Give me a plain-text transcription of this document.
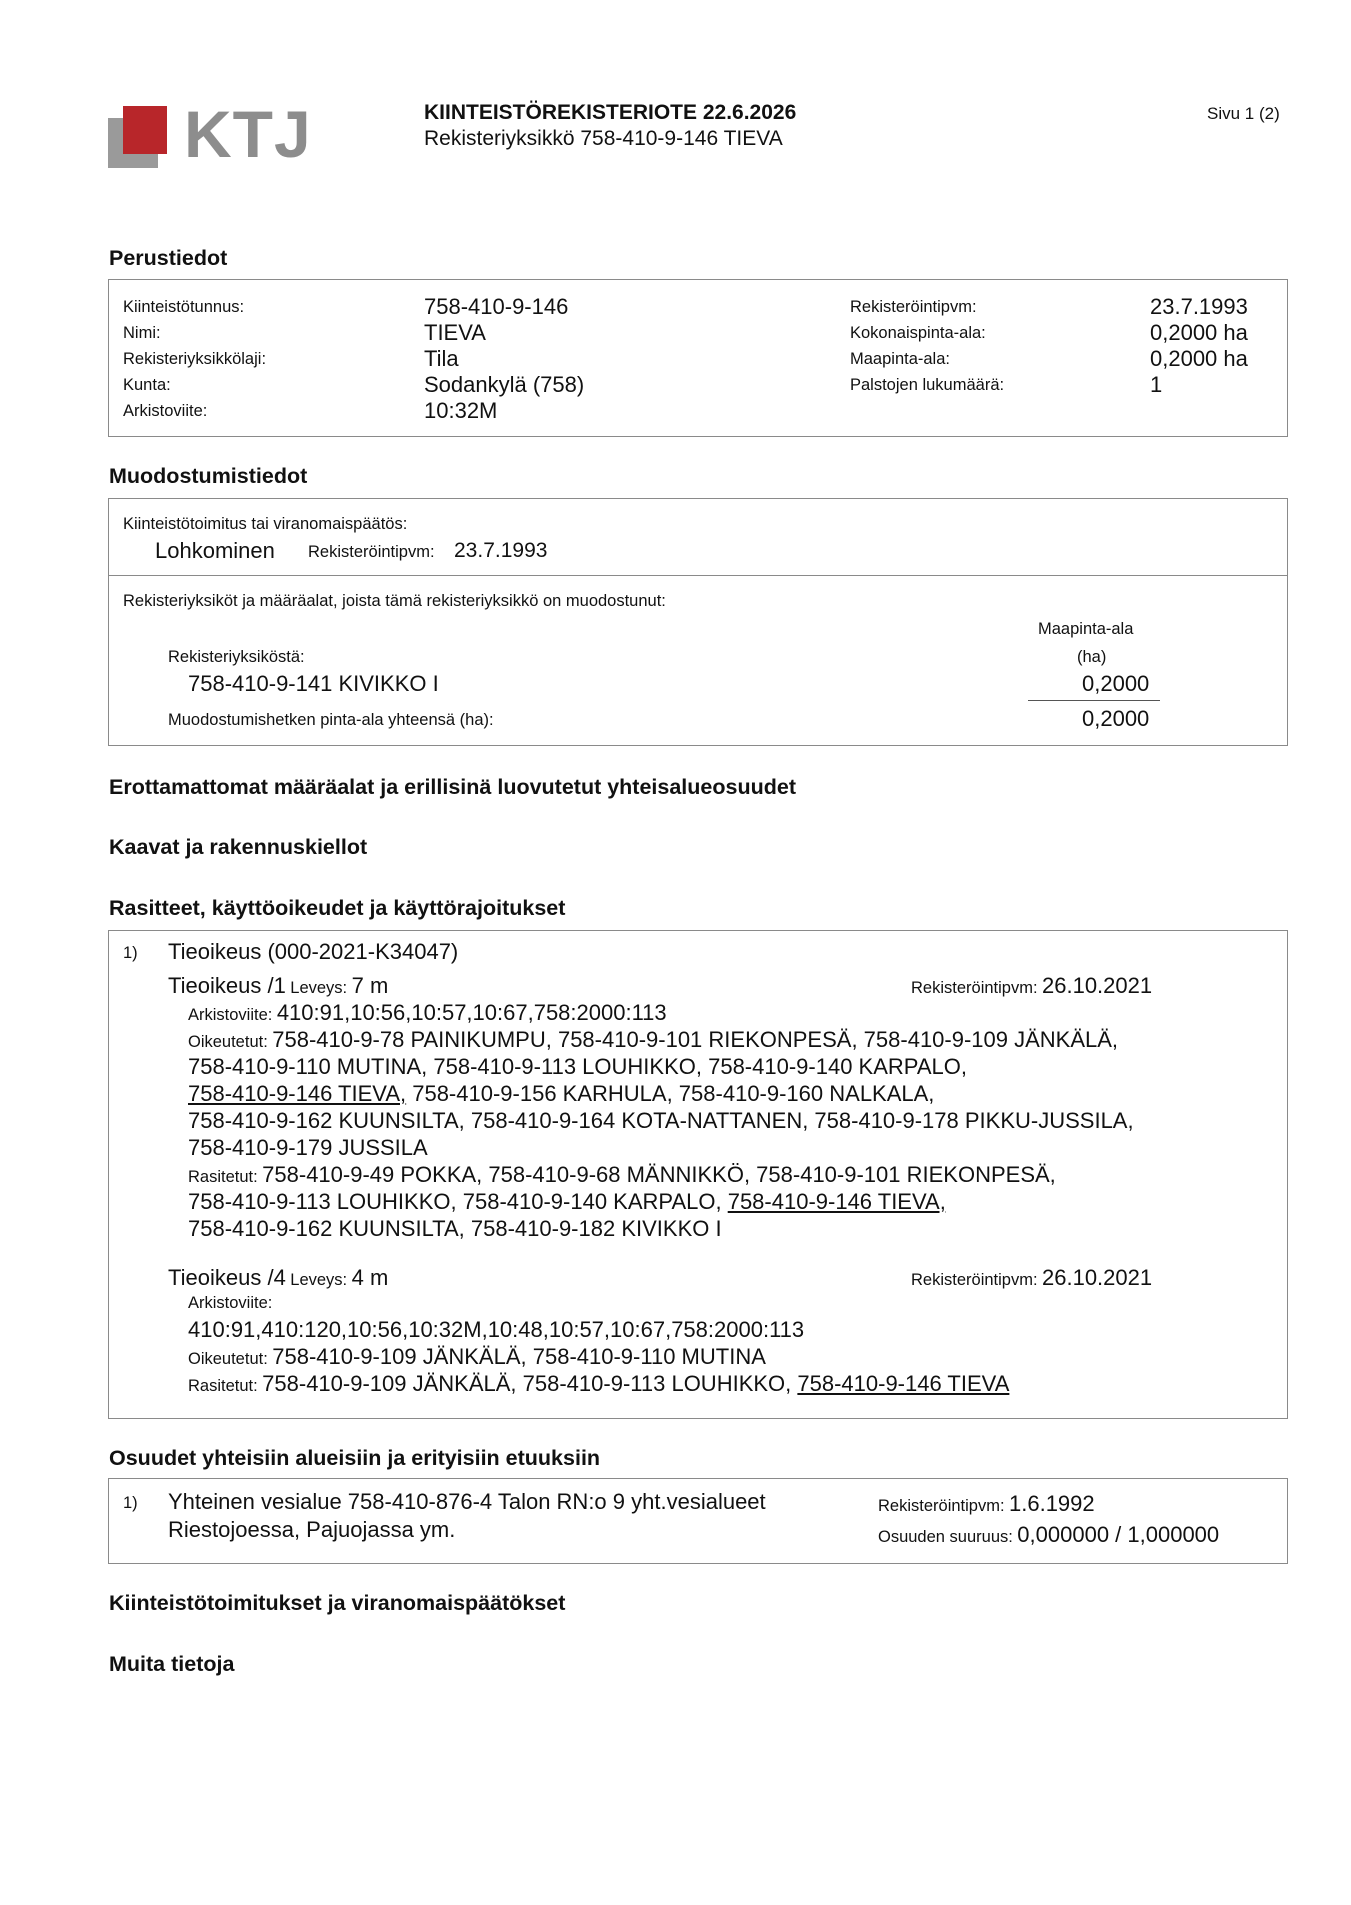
KTJ	KIINTEISTÖREKISTERIOTE 22.6.2026
Rekisteriyksikkö 758-410-9-146 TIEVA
Sivu 1 (2)
Perustiedot
Kiinteistötunnus:	758-410-9-146
Nimi:	TIEVA
Rekisteriyksikkölaji:	Tila
Kunta:	Sodankylä (758)
Arkistoviite:	10:32M
Rekisteröintipvm:	23.7.1993
Kokonaispinta-ala:	0,2000 ha
Maapinta-ala:	0,2000 ha
Palstojen lukumäärä:	1
Muodostumistiedot
Kiinteistötoimitus tai viranomaispäätös:
Lohkominen Rekisteröintipvm: 23.7.1993
Rekisteriyksiköt ja määräalat, joista tämä rekisteriyksikkö on muodostunut:
Maapinta-ala
(ha)
Rekisteriyksiköstä:
758-410-9-141 KIVIKKO I	0,2000
Muodostumishetken pinta-ala yhteensä (ha):	0,2000
Erottamattomat määräalat ja erillisinä luovutetut yhteisalueosuudet
Kaavat ja rakennuskiellot
Rasitteet, käyttöoikeudet ja käyttörajoitukset
1) Tieoikeus (000-2021-K34047)
Tieoikeus /1 Leveys: 7 m	Rekisteröintipvm: 26.10.2021
Arkistoviite: 410:91,10:56,10:57,10:67,758:2000:113
Oikeutetut: 758-410-9-78 PAINIKUMPU, 758-410-9-101 RIEKONPESÄ, 758-410-9-109 JÄNKÄLÄ,
758-410-9-110 MUTINA, 758-410-9-113 LOUHIKKO, 758-410-9-140 KARPALO,
758-410-9-146 TIEVA, 758-410-9-156 KARHULA, 758-410-9-160 NALKALA,
758-410-9-162 KUUNSILTA, 758-410-9-164 KOTA-NATTANEN, 758-410-9-178 PIKKU-JUSSILA,
758-410-9-179 JUSSILA
Rasitetut: 758-410-9-49 POKKA, 758-410-9-68 MÄNNIKKÖ, 758-410-9-101 RIEKONPESÄ,
758-410-9-113 LOUHIKKO, 758-410-9-140 KARPALO, 758-410-9-146 TIEVA,
758-410-9-162 KUUNSILTA, 758-410-9-182 KIVIKKO I
Tieoikeus /4 Leveys: 4 m	Rekisteröintipvm: 26.10.2021
Arkistoviite:
410:91,410:120,10:56,10:32M,10:48,10:57,10:67,758:2000:113
Oikeutetut: 758-410-9-109 JÄNKÄLÄ, 758-410-9-110 MUTINA
Rasitetut: 758-410-9-109 JÄNKÄLÄ, 758-410-9-113 LOUHIKKO, 758-410-9-146 TIEVA
Osuudet yhteisiin alueisiin ja erityisiin etuuksiin
1) Yhteinen vesialue 758-410-876-4 Talon RN:o 9 yht.vesialueet
Riestojoessa, Pajuojassa ym.
Rekisteröintipvm: 1.6.1992
Osuuden suuruus: 0,000000 / 1,000000
Kiinteistötoimitukset ja viranomaispäätökset
Muita tietoja
